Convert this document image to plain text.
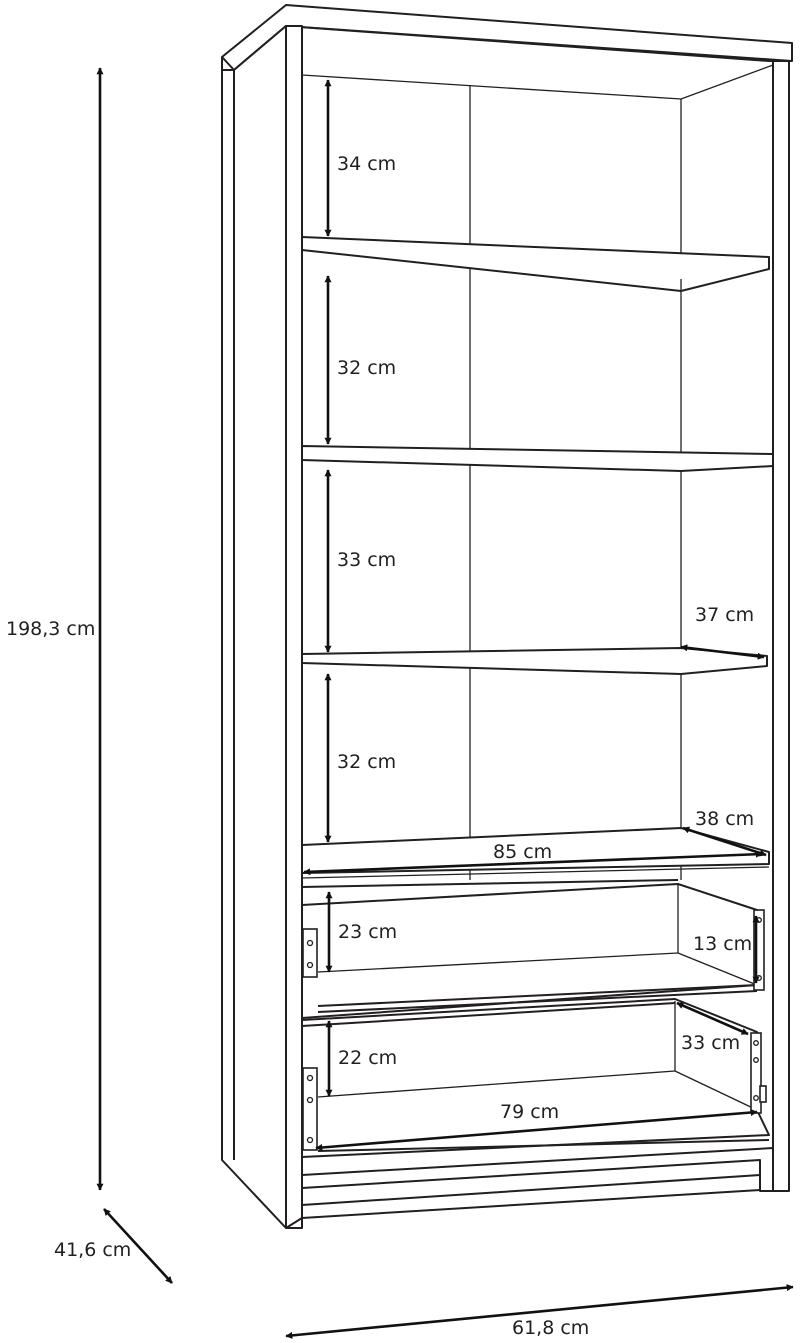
198,3 cm
41,6 cm
61,8 cm
34 cm
32 cm
33 cm
32 cm
37 cm
38 cm
85 cm
23 cm
13 cm
22 cm
33 cm
79 cm
